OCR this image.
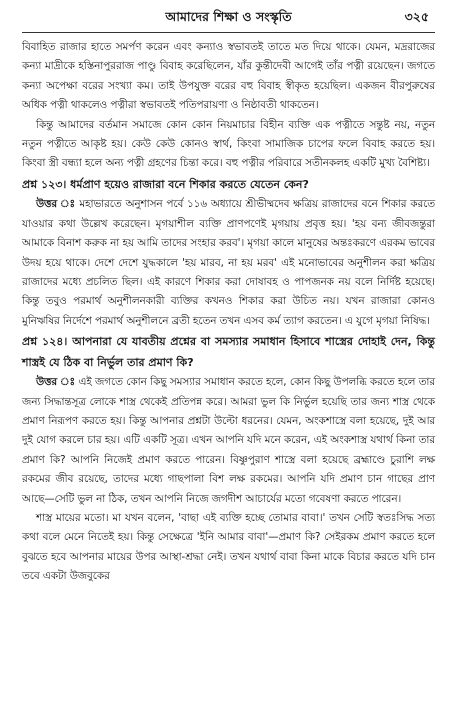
আমাদের শিক্ষা ও সংস্কৃতি	৩২৫

বিবাহিত রাজার হাতে সমর্পণ করেন এবং কন্যাও স্বভাবতই তাতে মত দিয়ে থাকে। যেমন, মদ্ররাজের কন্যা মাদ্রীকে হস্তিনাপুররাজ পাণ্ডু বিবাহ করেছিলেন, যাঁর কুন্তীদেবী আগেই তাঁর পত্নী রয়েছেন। জগতে কন্যা অপেক্ষা বরের সংখ্যা কম। তাই উপযুক্ত বরের বহু বিবাহ স্বীকৃত হয়েছিল। একজন বীরপুরুষের অধিক পত্নী থাকলেও পত্নীরা স্বভাবতই পতিপরায়ণা ও নিষ্ঠাবতী থাকতেন।

কিন্তু আমাদের বর্তমান সমাজে কোন কোন নিয়মাচার বিহীন ব্যক্তি এক পত্নীতে সন্তুষ্ট নয়, নতুন নতুন পত্নীতে আকৃষ্ট হয়। কেউ কেউ কোনও স্বার্থ, কিংবা সামাজিক চাপের ফলে বিবাহ করতে হয়। কিংবা স্ত্রী বন্ধ্যা হলে অন্য পত্নী গ্রহণের চিন্তা করে। বহু পত্নীর পরিবারে সতীনকলহ একটি মুখ্য বৈশিষ্ট্য।

প্রশ্ন ১২৩। ধর্মপ্রাণ হয়েও রাজারা বনে শিকার করতে যেতেন কেন?

উত্তর ঃ মহাভারতে অনুশাসন পর্বে ১১৬ অধ্যায়ে শ্রীভীষ্মদেব ক্ষত্রিয় রাজাদের বনে শিকার করতে যাওয়ার কথা উল্লেখ করেছেন। মৃগয়াশীল ব্যক্তি প্রাণপণেই মৃগয়ায় প্রবৃত্ত হয়। 'হয় বন্য জীবজন্তুরা আমাকে বিনাশ করুক না হয় আমি তাদের সংহার করব'। মৃগয়া কালে মানুষের অন্তঃকরণে এরকম ভাবের উদয় হয়ে থাকে। দেশে দেশে যুদ্ধকালে 'হয় মারব, না হয় মরব' এই মনোভাবের অনুশীলন করা ক্ষত্রিয় রাজাদের মধ্যে প্রচলিত ছিল। এই কারণে শিকার করা দোষাবহ ও পাপজনক নয় বলে নির্দিষ্ট হয়েছে। কিন্তু তবুও পরমার্থ অনুশীলনকারী ব্যক্তির কখনও শিকার করা উচিত নয়। যখন রাজারা কোনও মুনিঋষির নির্দেশে পরমার্থ অনুশীলনে ব্রতী হতেন তখন এসব কর্ম ত্যাগ করতেন। এ যুগে মৃগয়া নিষিদ্ধ।

প্রশ্ন ১২৪। আপনারা যে যাবতীয় প্রশ্নের বা সমস্যার সমাধান হিসাবে শাস্ত্রের দোহাই দেন, কিন্তু শাস্ত্রই যে ঠিক বা নির্ভুল তার প্রমাণ কি?

উত্তর ঃ এই জগতে কোন কিছু সমস্যার সমাধান করতে হলে, কোন কিছু উপলব্ধি করতে হলে তার জন্য সিদ্ধান্তসূত্র লোকে শাস্ত্র থেকেই প্রতিপন্ন করে। আমরা ভুল কি নির্ভুল হয়েছি তার জন্য শাস্ত্র থেকে প্রমাণ নিরূপণ করতে হয়। কিন্তু আপনার প্রশ্নটা উল্টো ধরনের। যেমন, অংকশাস্ত্রে বলা হয়েছে, দুই আর দুই যোগ করলে চার হয়। এটি একটি সূত্র। এখন আপনি যদি মনে করেন, এই অংকশাস্ত্র যথার্থ কিনা তার প্রমাণ কি? আপনি নিজেই প্রমাণ করতে পারেন। বিষ্ণুপুরাণ শাস্ত্রে বলা হয়েছে ব্রহ্মাণ্ডে চুরাশি লক্ষ রকমের জীব রয়েছে, তাদের মধ্যে গাছপালা বিশ লক্ষ রকমের। আপনি যদি প্রমাণ চান গাছের প্রাণ আছে—সেটি ভুল না ঠিক, তখন আপনি নিজে জগদীশ আচার্যের মতো গবেষণা করতে পারেন।

শাস্ত্র মায়ের মতো। মা যখন বলেন, 'বাছা এই ব্যক্তি হচ্ছে তোমার বাবা।' তখন সেটি স্বতঃসিদ্ধ সত্য কথা বলে মেনে নিতেই হয়। কিন্তু সেক্ষেত্রে 'ইনি আমার বাবা'—প্রমাণ কি? সেইরকম প্রমাণ করতে হলে বুঝতে হবে আপনার মায়ের উপর আস্থা-শ্রদ্ধা নেই। তখন যথার্থ বাবা কিনা মাকে বিচার করতে যদি চান তবে একটা উজবুকের
